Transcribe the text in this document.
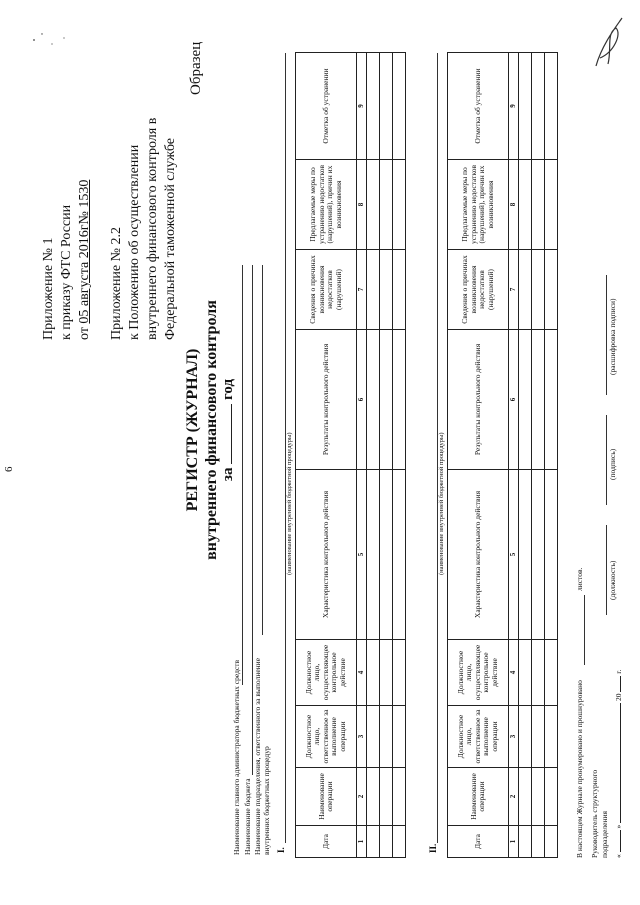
6
Приложение № 1 к приказу ФТС России от 05 августа 2016г№ 1530
Приложение № 2.2 к Положению об осуществлении внутреннего финансового контроля в Федеральной таможенной службе
Образец
РЕГИСТР (ЖУРНАЛ) внутреннего финансового контроля за  год
Наименование главного администратора бюджетных средств Наименование бюджета Наименование подразделения, ответственного за выполнение внутренних бюджетных процедур I.
(наименование внутренней бюджетной процедуры)
Дата	Наименование операции	Должностное лицо, ответственное за выполнение операции	Должностное лицо, осуществляющее контрольное действие	Характеристика контрольного действия	Результаты контрольного действия	Сведения о причинах возникновения недостатков (нарушений)	Предлагаемые меры по устранению недостатков (нарушений), причин их возникновения	Отметка об устранении
1	2	3	4	5	6	7	8	9

II.
(наименование внутренней бюджетной процедуры)
Дата	Наименование операции	Должностное лицо, ответственное за выполнение операции	Должностное лицо, осуществляющее контрольное действие	Характеристика контрольного действия	Результаты контрольного действия	Сведения о причинах возникновения недостатков (нарушений)	Предлагаемые меры по устранению недостатков (нарушений), причин их возникновения	Отметка об устранении
1	2	3	4	5	6	7	8	9

В настоящем Журнале пронумеровано и прошнуровано
листов.
Руководитель структурного подразделения
(должность)
(подпись)
(расшифровка подписи)
«  »  20  г.
